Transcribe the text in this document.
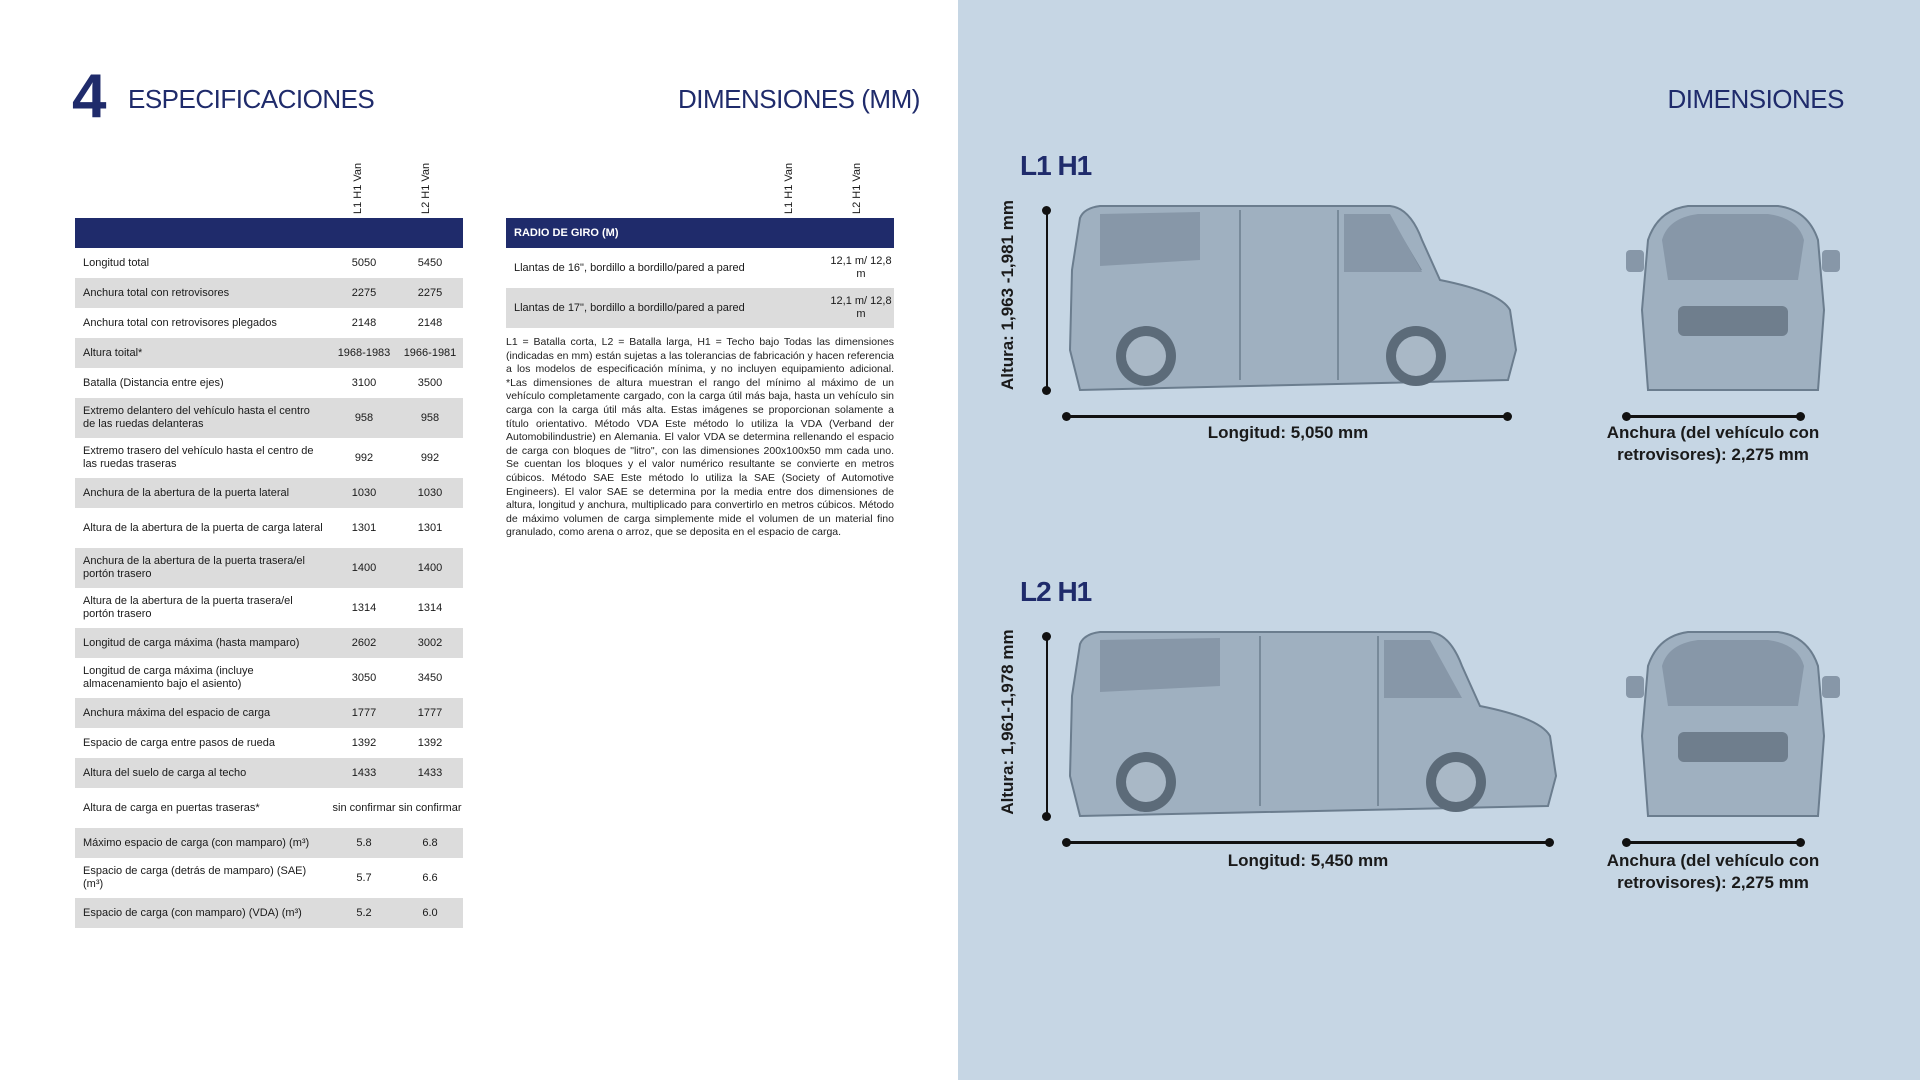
4 ESPECIFICACIONES	DIMENSIONES (MM)
L1 H1 Van	L2 H1 Van
Longitud total	5050	5450
Anchura total con retrovisores	2275	2275
Anchura total con retrovisores plegados	2148	2148
Altura toital*	1968-1983	1966-1981
Batalla (Distancia entre ejes)	3100	3500
Extremo delantero del vehículo hasta el centro de las ruedas delanteras
958	958
Extremo trasero del vehículo hasta el centro de las ruedas traseras
992	992
Anchura de la abertura de la puerta lateral	1030	1030
Altura de la abertura de la puerta de carga lateral	1301	1301
Anchura de la abertura de la puerta trasera/el portón trasero
1400	1400
Altura de la abertura de la puerta trasera/el portón trasero
1314	1314
Longitud de carga máxima (hasta mamparo)	2602	3002
Longitud de carga máxima (incluye almacenamiento bajo el asiento)
3050	3450
Anchura máxima del espacio de carga	1777	1777
Espacio de carga entre pasos de rueda	1392	1392
Altura del suelo de carga al techo	1433	1433
Altura de carga en puertas traseras*	sin confirmar sin confirmar
Máximo espacio de carga (con mamparo) (m³)	5.8	6.8
Espacio de carga (detrás de mamparo) (SAE) (m³)
5.7	6.6
Espacio de carga (con mamparo) (VDA) (m³)	5.2	6.0
L1 H1 Van	L2 H1 Van
RADIO DE GIRO (M)
Llantas de 16", bordillo a bordillo/pared a pared
12,1 m/ 12,8 m
Llantas de 17", bordillo a bordillo/pared a pared
12,1 m/ 12,8 m
L1 = Batalla corta, L2 = Batalla larga, H1 = Techo bajo Todas las dimensiones (indicadas en mm) están sujetas a las tolerancias de fabricación y hacen referencia a los modelos de especificación mínima, y no incluyen equipamiento adicional. *Las dimensiones de altura muestran el rango del mínimo al máximo de un vehículo completamente cargado, con la carga útil más baja, hasta un vehículo sin carga con la carga útil más alta. Estas imágenes se proporcionan solamente a título orientativo. Método VDA Este método lo utiliza la VDA (Verband der Automobilindustrie) en Alemania. El valor VDA se determina rellenando el espacio de carga con bloques de "litro", con las dimensiones 200x100x50 mm cada uno. Se cuentan los bloques y el valor numérico resultante se convierte en metros cúbicos. Método SAE Este método lo utiliza la SAE (Society of Automotive Engineers). El valor SAE se determina por la media entre dos dimensiones de altura, longitud y anchura, multiplicado para convertirlo en metros cúbicos. Método de máximo volumen de carga simplemente mide el volumen de un material fino granulado, como arena o arroz, que se deposita en el espacio de carga.
DIMENSIONES
L1 H1
Altura: 1,963 -1,981 mm
Longitud: 5,050 mm	Anchura (del vehículo con
retrovisores): 2,275 mm
L2 H1
Altura: 1,961-1,978 mm
Longitud: 5,450 mm	Anchura (del vehículo con
retrovisores): 2,275 mm
